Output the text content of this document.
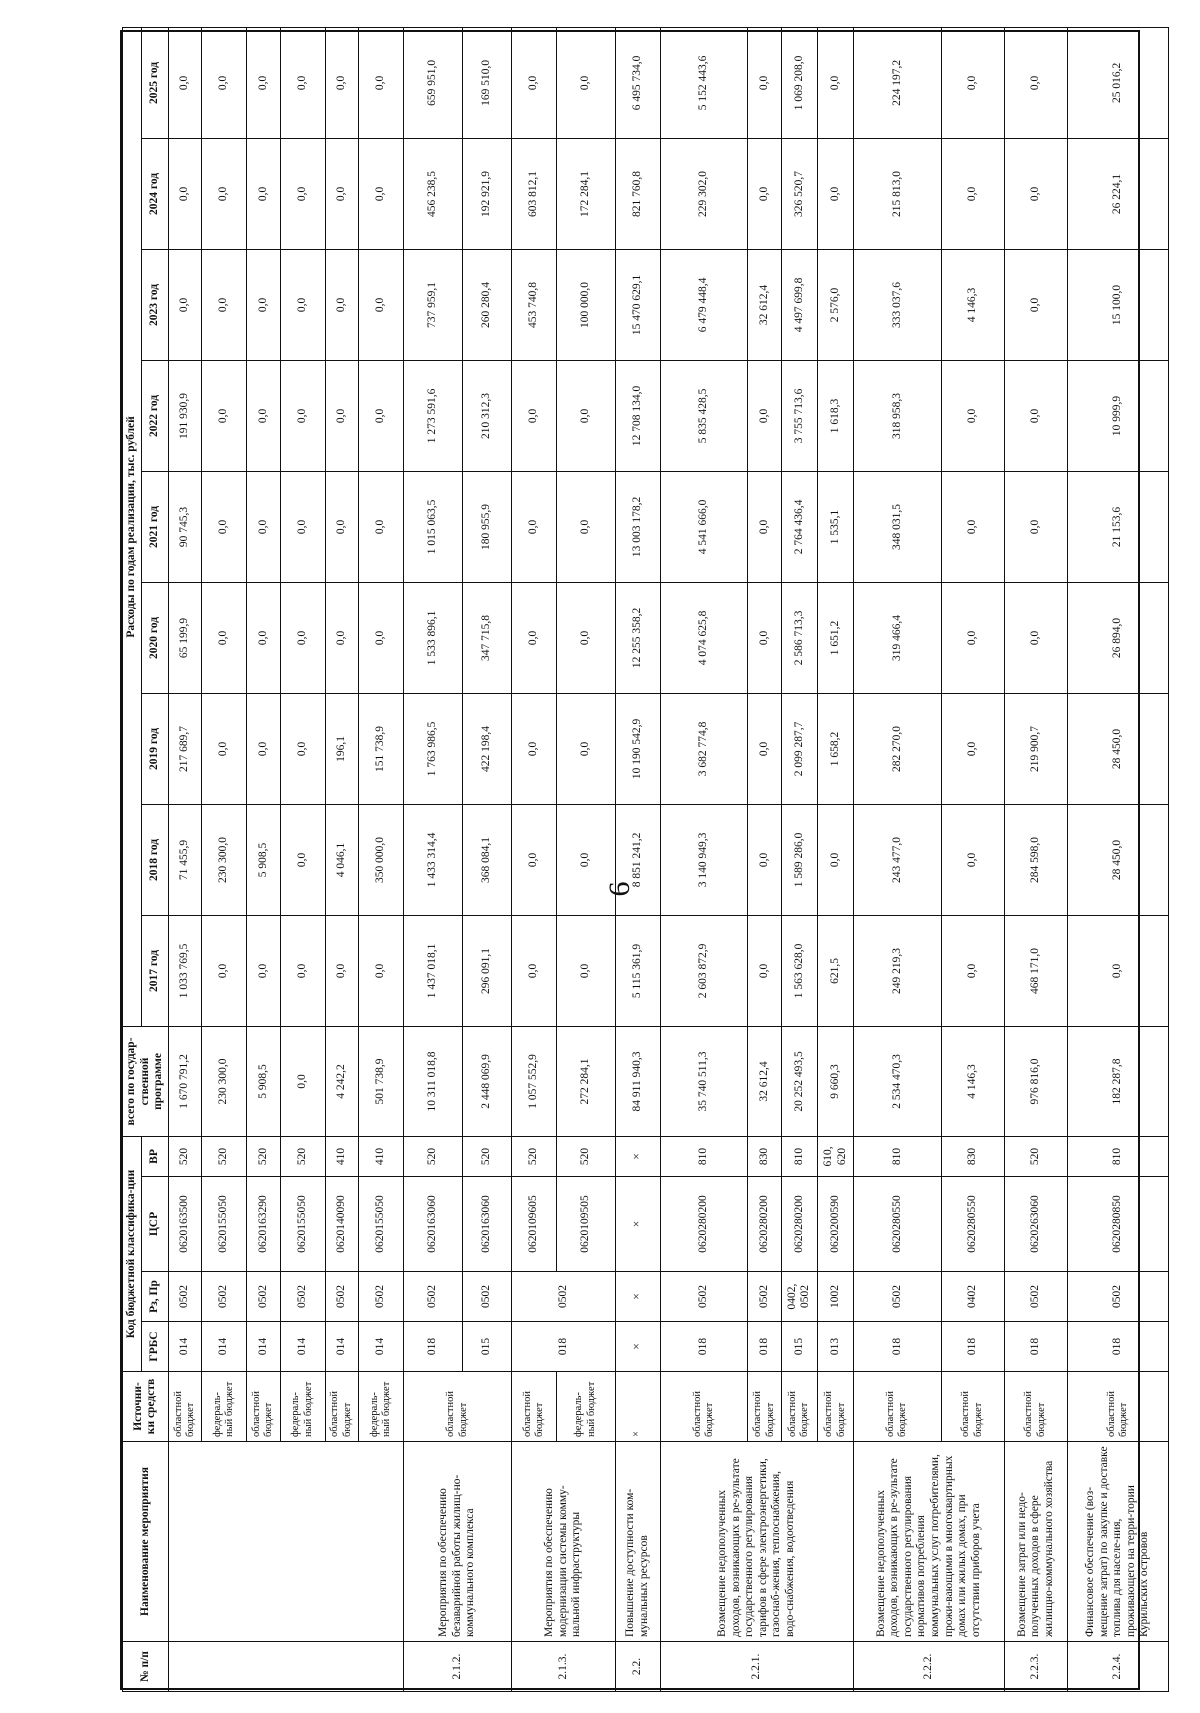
6
№ п/п	Наименование мероприятия	Источни-ки средств	Код бюджетной классифика-ции				всего по государ-ственной программе	Расходы по годам реализации, тыс. рублей								
			ГРБС	Рз, Пр	ЦСР	ВР		2017 год	2018 год	2019 год	2020 год	2021 год	2022 год	2023 год	2024 год	2025 год

		областной бюджет	014	0502	0620163500	520	1 670 791,2	1 033 769,5	71 455,9	217 689,7	65 199,9	90 745,3	191 930,9	0,0	0,0	0,0
		федераль-ный бюджет	014	0502	0620155050	520	230 300,0	0,0	230 300,0	0,0	0,0	0,0	0,0	0,0	0,0	0,0
		областной бюджет	014	0502	0620163290	520	5 908,5	0,0	5 908,5	0,0	0,0	0,0	0,0	0,0	0,0	0,0
		федераль-ный бюджет	014	0502	0620155050	520	0,0	0,0	0,0	0,0	0,0	0,0	0,0	0,0	0,0	0,0
		областной бюджет	014	0502	0620140090	410	4 242,2	0,0	4 046,1	196,1	0,0	0,0	0,0	0,0	0,0	0,0
		федераль-ный бюджет	014	0502	0620155050	410	501 738,9	0,0	350 000,0	151 738,9	0,0	0,0	0,0	0,0	0,0	0,0
2.1.2.	Мероприятия по обеспечению безаварийной работы жилищ-но-коммунального комплекса	областной бюджет	018	0502	0620163060	520	10 311 018,8	1 437 018,1	1 433 314,4	1 763 986,5	1 533 896,1	1 015 063,5	1 273 591,6	737 959,1	456 238,5	659 951,0
			015	0502	0620163060	520	2 448 069,9	296 091,1	368 084,1	422 198,4	347 715,8	180 955,9	210 312,3	260 280,4	192 921,9	169 510,0
2.1.3.	Мероприятия по обеспечению модернизации системы комму-нальной инфраструктуры	областной бюджет	018	0502	0620109605	520	1 057 552,9	0,0	0,0	0,0	0,0	0,0	0,0	453 740,8	603 812,1	0,0
		федераль-ный бюджет			0620109505	520	272 284,1	0,0	0,0	0,0	0,0	0,0	0,0	100 000,0	172 284,1	0,0
2.2.	Повышение доступности ком-мунальных ресурсов	×	×	×	×	×	84 911 940,3	5 115 361,9	8 851 241,2	10 190 542,9	12 255 358,2	13 003 178,2	12 708 134,0	15 470 629,1	821 760,8	6 495 734,0
2.2.1.	Возмещение недополученных доходов, возникающих в ре-зультате государственного регулирования тарифов в сфере электроэнергетики, газоснаб-жения, теплоснабжения, водо-снабжения, водоотведения	областной бюджет	018	0502	0620280200	810	35 740 511,3	2 603 872,9	3 140 949,3	3 682 774,8	4 074 625,8	4 541 666,0	5 835 428,5	6 479 448,4	229 302,0	5 152 443,6
		областной бюджет	018	0502	0620280200	830	32 612,4	0,0	0,0	0,0	0,0	0,0	0,0	32 612,4	0,0	0,0
		областной бюджет	015	0402, 0502	0620280200	810	20 252 493,5	1 563 628,0	1 589 286,0	2 099 287,7	2 586 713,3	2 764 436,4	3 755 713,6	4 497 699,8	326 520,7	1 069 208,0
		областной бюджет	013	1002	0620200590	610, 620	9 660,3	621,5	0,0	1 658,2	1 651,2	1 535,1	1 618,3	2 576,0	0,0	0,0
2.2.2.	Возмещение недополученных доходов, возникающих в ре-зультате государственного регулирования нормативов потребления коммунальных услуг потребителями, прожи-вающими в многоквартирных домах или жилых домах, при отсутствии приборов учета	областной бюджет	018	0502	0620280550	810	2 534 470,3	249 219,3	243 477,0	282 270,0	319 466,4	348 031,5	318 958,3	333 037,6	215 813,0	224 197,2
		областной бюджет	018	0402	0620280550	830	4 146,3	0,0	0,0	0,0	0,0	0,0	0,0	4 146,3	0,0	0,0
2.2.3.	Возмещение затрат или недо-полученных доходов в сфере жилищно-коммунального хозяйства	областной бюджет	018	0502	0620263060	520	976 816,0	468 171,0	284 598,0	219 900,7	0,0	0,0	0,0	0,0	0,0	0,0
2.2.4.	Финансовое обеспечение (воз-мещение затрат) по закупке и доставке топлива для населе-ния, проживающего на терри-тории Курильских островов	областной бюджет	018	0502	0620280850	810	182 287,8	0,0	28 450,0	28 450,0	26 894,0	21 153,6	10 999,9	15 100,0	26 224,1	25 016,2
